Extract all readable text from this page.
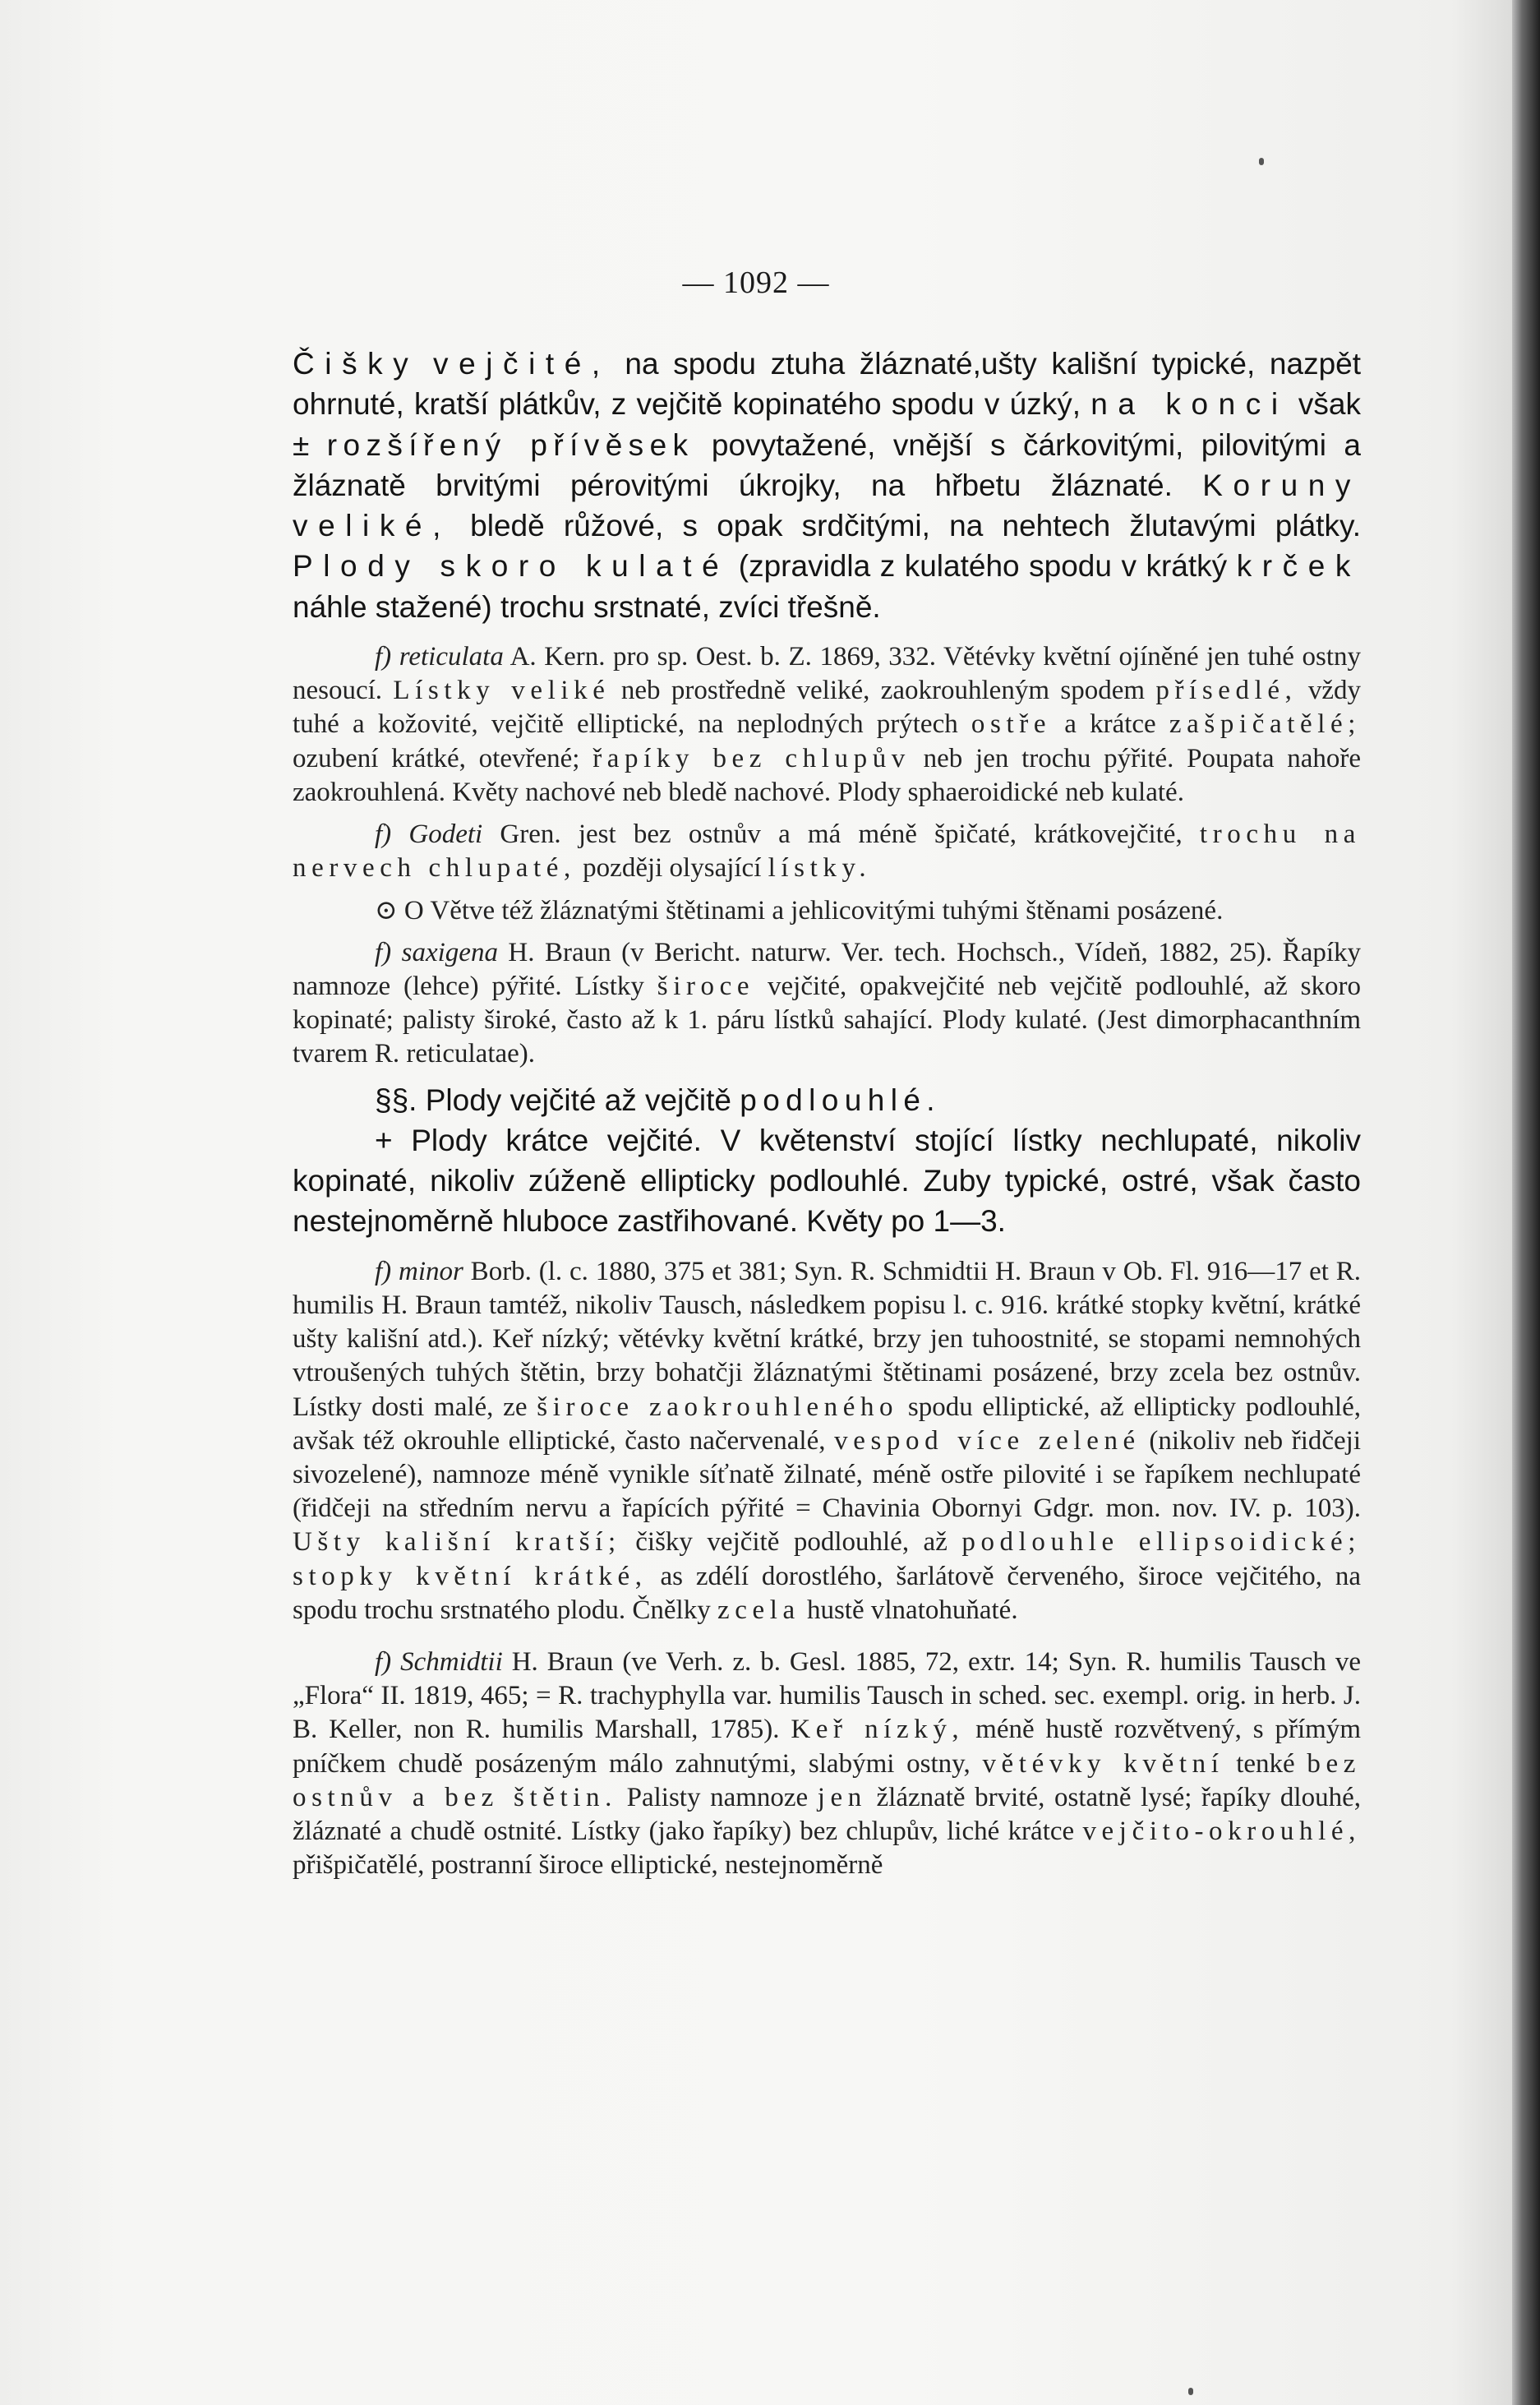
— 1092 —

Čišky vejčité, na spodu ztuha žláznaté,ušty kališní typické, nazpět ohrnuté, kratší plátkův, z vejčitě kopinatého spodu v úzký, na konci však ± rozšířený přívěsek povytažené, vnější s čárkovitými, pilovitými a žláznatě brvitými pérovitými úkrojky, na hřbetu žláznaté. Koruny veliké, bledě růžové, s opak srdčitými, na nehtech žlutavými plátky. Plody skoro kulaté (zpravidla z kulatého spodu v krátký krček náhle stažené) trochu srstnaté, zvíci třešně.

f) reticulata A. Kern. pro sp. Oest. b. Z. 1869, 332. Větévky květní ojíněné jen tuhé ostny nesoucí. Lístky veliké neb prostředně veliké, zaokrouhleným spodem přísedlé, vždy tuhé a kožovité, vejčitě elliptické, na neplodných prýtech ostře a krátce zašpičatělé; ozubení krátké, otevřené; řapíky bez chlupův neb jen trochu pýřité. Poupata nahoře zaokrouhlená. Květy nachové neb bledě nachové. Plody sphaeroidické neb kulaté.

f) Godeti Gren. jest bez ostnův a má méně špičaté, krátkovejčité, trochu na nervech chlupaté, později olysající lístky.

⊙ O Větve též žláznatými štětinami a jehlicovitými tuhými štěnami posázené.

f) saxigena H. Braun (v Bericht. naturw. Ver. tech. Hochsch., Vídeň, 1882, 25). Řapíky namnoze (lehce) pýřité. Lístky široce vejčité, opakvejčité neb vejčitě podlouhlé, až skoro kopinaté; palisty široké, často až k 1. páru lístků sahající. Plody kulaté. (Jest dimorphacanthním tvarem R. reticulatae).

§§. Plody vejčité až vejčitě podlouhlé.

+ Plody krátce vejčité. V květenství stojící lístky nechlupaté, nikoliv kopinaté, nikoliv zúženě ellipticky podlouhlé. Zuby typické, ostré, však často nestejnoměrně hluboce zastřihované. Květy po 1—3.

f) minor Borb. (l. c. 1880, 375 et 381; Syn. R. Schmidtii H. Braun v Ob. Fl. 916—17 et R. humilis H. Braun tamtéž, nikoliv Tausch, následkem popisu l. c. 916. krátké stopky květní, krátké ušty kališní atd.). Keř nízký; větévky květní krátké, brzy jen tuhoostnité, se stopami nemnohých vtroušených tuhých štětin, brzy bohatčji žláznatými štětinami posázené, brzy zcela bez ostnův. Lístky dosti malé, ze široce zaokrouhleného spodu elliptické, až ellipticky podlouhlé, avšak též okrouhle elliptické, často načervenalé, vespod více zelené (nikoliv neb řidčeji sivozelené), namnoze méně vynikle síťnatě žilnaté, méně ostře pilovité i se řapíkem nechlupaté (řidčeji na středním nervu a řapících pýřité = Chavinia Obornyi Gdgr. mon. nov. IV. p. 103). Ušty kališní kratší; čišky vejčitě podlouhlé, až podlouhle ellipsoidické; stopky květní krátké, as zdélí dorostlého, šarlátově červeného, široce vejčitého, na spodu trochu srstnatého plodu. Čnělky zcela hustě vlnatohuňaté.

f) Schmidtii H. Braun (ve Verh. z. b. Gesl. 1885, 72, extr. 14; Syn. R. humilis Tausch ve „Flora“ II. 1819, 465; = R. trachyphylla var. humilis Tausch in sched. sec. exempl. orig. in herb. J. B. Keller, non R. humilis Marshall, 1785). Keř nízký, méně hustě rozvětvený, s přímým pníčkem chudě posázeným málo zahnutými, slabými ostny, větévky květní tenké bez ostnův a bez štětin. Palisty namnoze jen žláznatě brvité, ostatně lysé; řapíky dlouhé, žláznaté a chudě ostnité. Lístky (jako řapíky) bez chlupův, liché krátce vejčito-okrouhlé, přišpičatělé, postranní široce elliptické, nestejnoměrně
